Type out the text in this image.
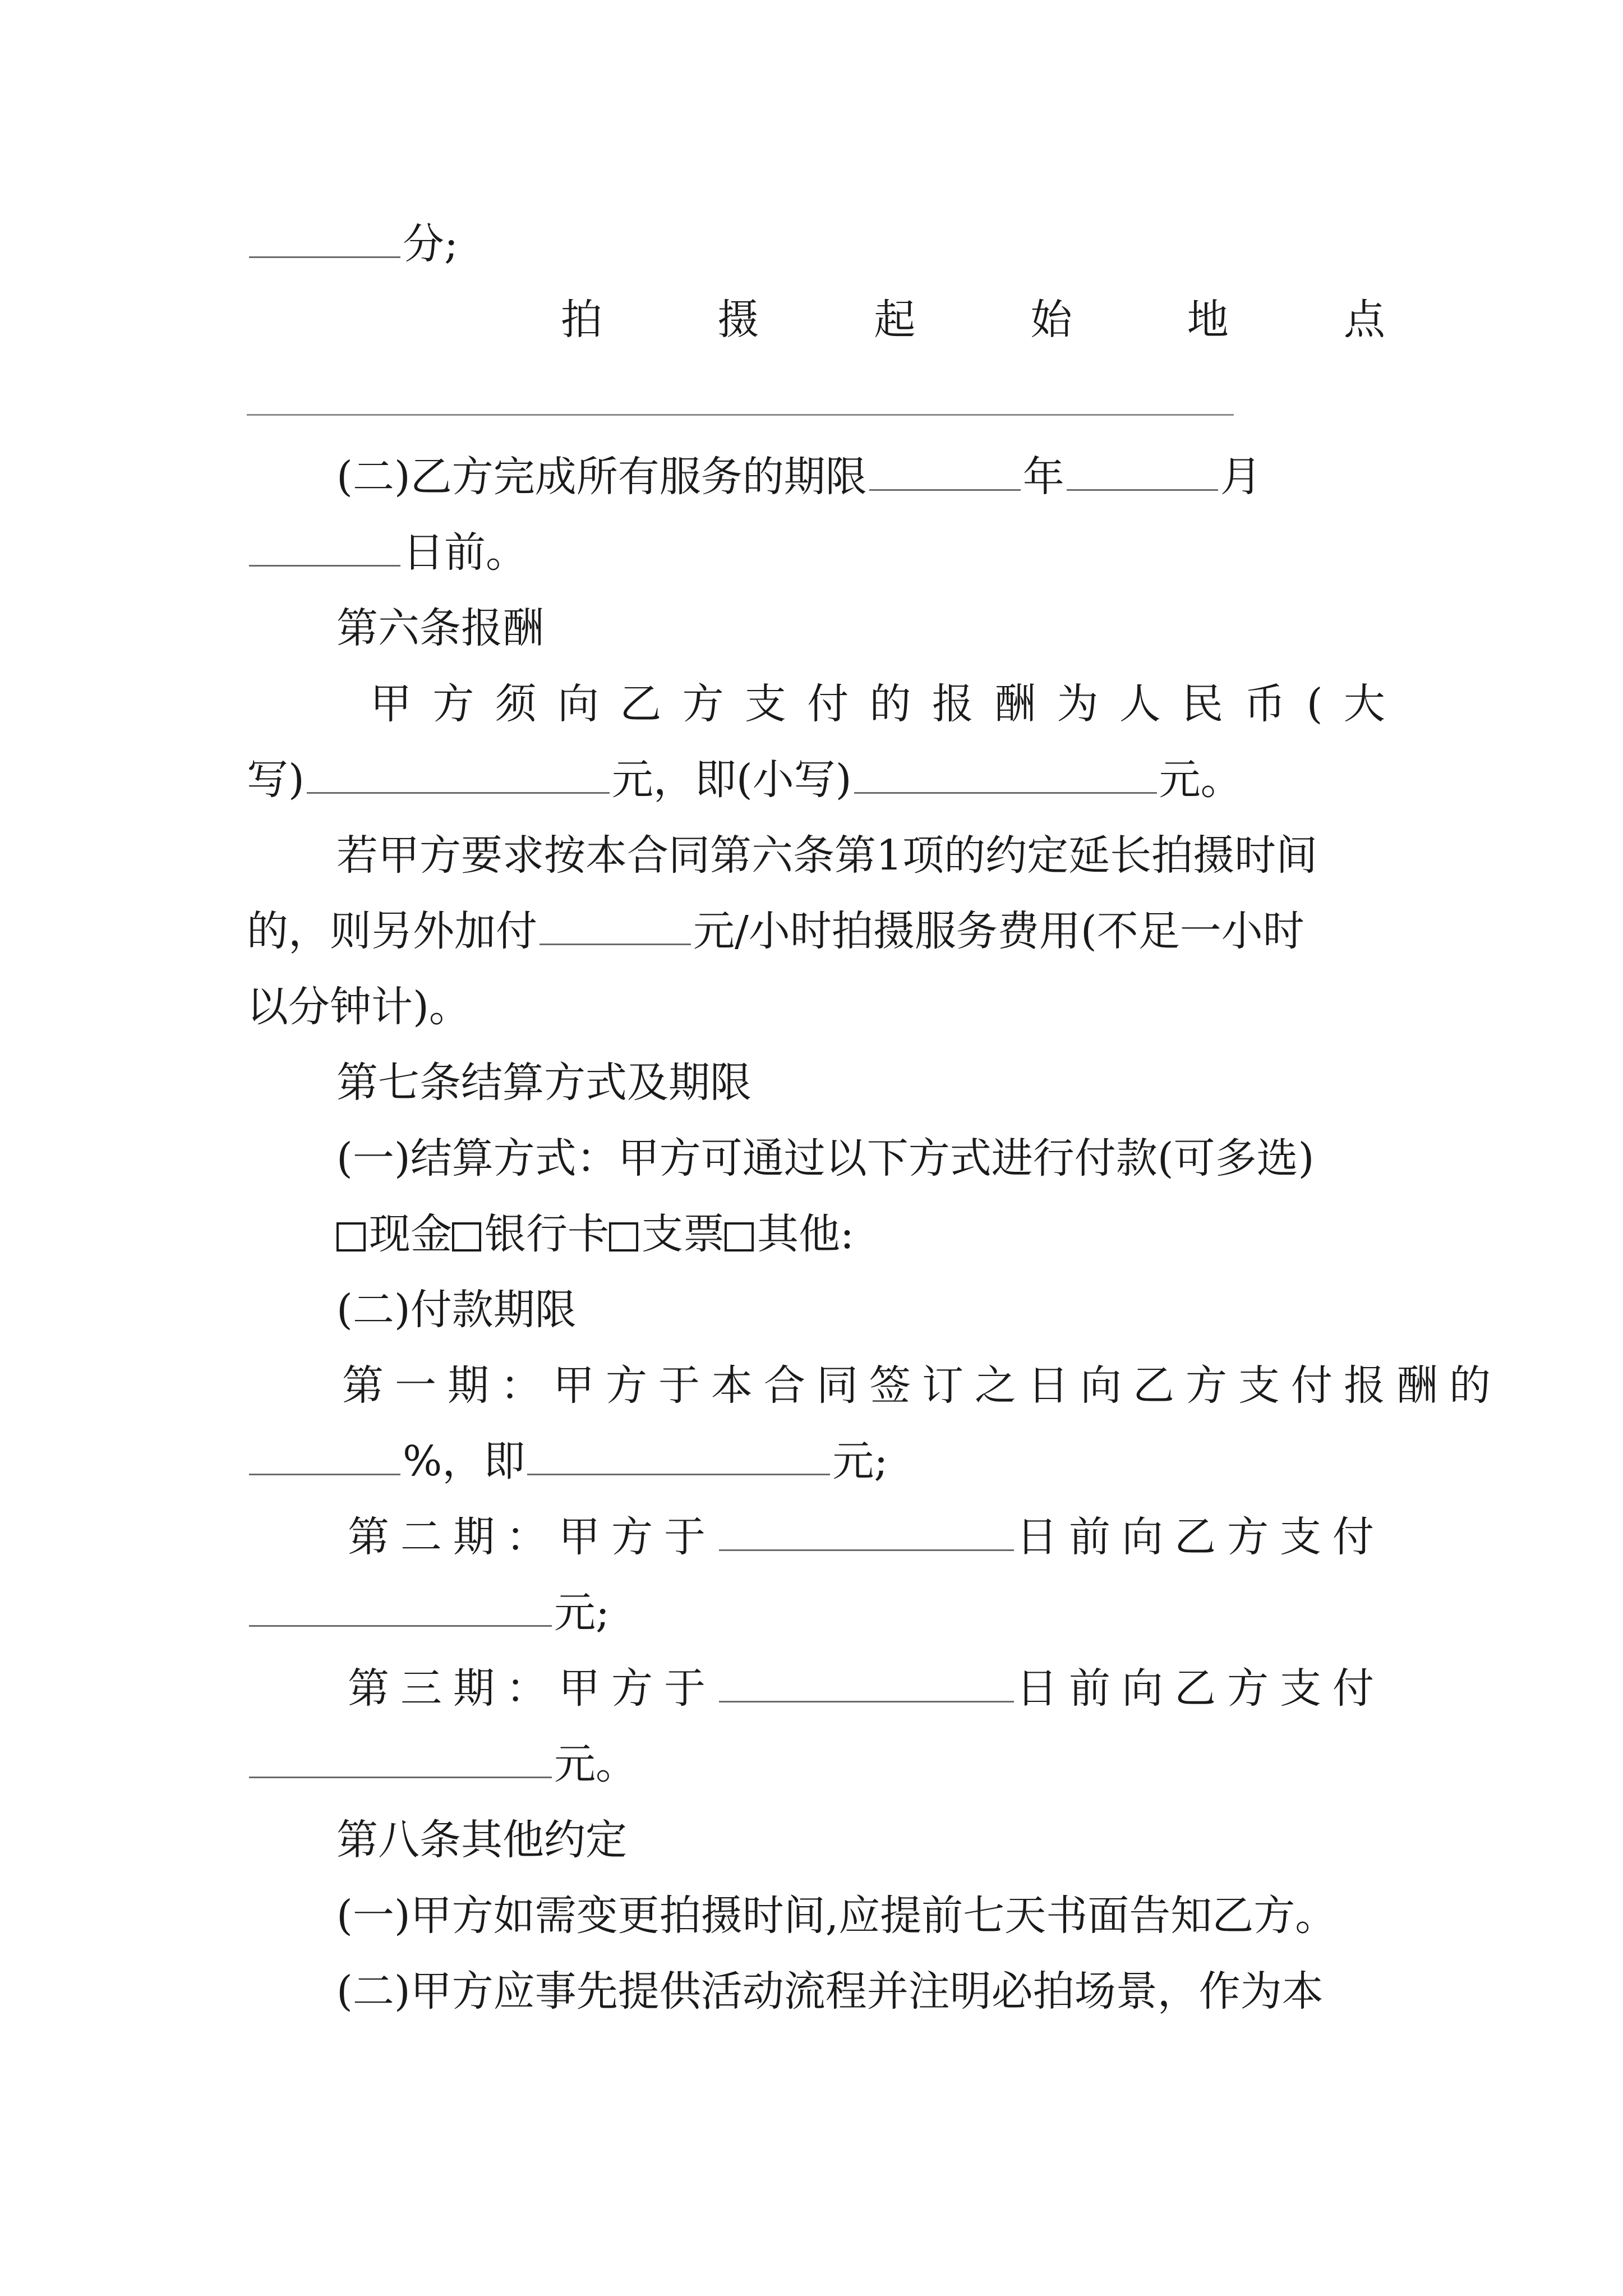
分;
拍	摄	起	始	地	点
(二)乙方完成所有服务的期限	年	月
日前。
第六条报酬
甲 方 须 向 乙 方 支 付 的 报 酬 为 人 民 币 ( 大
写)	元，即(小写)	元。
若甲方要求按本合同第六条第1项的约定延长拍摄时间
的，则另外加付	元/小时拍摄服务费用(不足一小时
以分钟计)。
第七条结算方式及期限
(一)结算方式：甲方可通过以下方式进行付款(可多选)
现金 银行卡 支票 其他:
(二)付款期限
第一期：甲方于本合同签订之日向乙方支付报酬的
%，即	元;
第二期：甲方于	日前向乙方支付
元;
第三期：甲方于	日前向乙方支付
元。
第八条其他约定
(一)甲方如需变更拍摄时间,应提前七天书面告知乙方。
(二)甲方应事先提供活动流程并注明必拍场景，作为本
